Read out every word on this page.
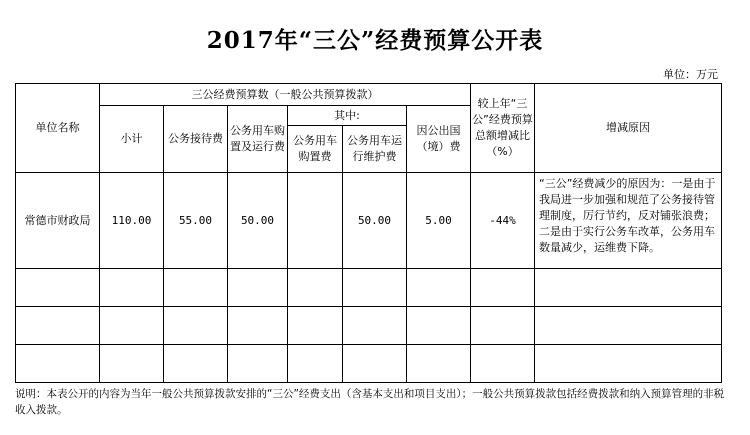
2017年“三公”经费预算公开表
单位：万元
单位名称	三公经费预算数（一般公共预算拨款）						较上年“三公”经费预算总额增减比（%）	增减原因
	小计	公务接待费	公务用车购置及运行费	其中:		因公出国（境）费		
				公务用车购置费	公务用车运行维护费			
常德市财政局	110.00	55.00	50.00		50.00	5.00	-44%	“三公”经费减少的原因为：一是由于我局进一步加强和规范了公务接待管理制度，厉行节约，反对铺张浪费；二是由于实行公务车改革，公务用车数量减少，运维费下降。

说明：本表公开的内容为当年一般公共预算拨款安排的“三公”经费支出（含基本支出和项目支出）；一般公共预算拨款包括经费拨款和纳入预算管理的非税收入拨款。
